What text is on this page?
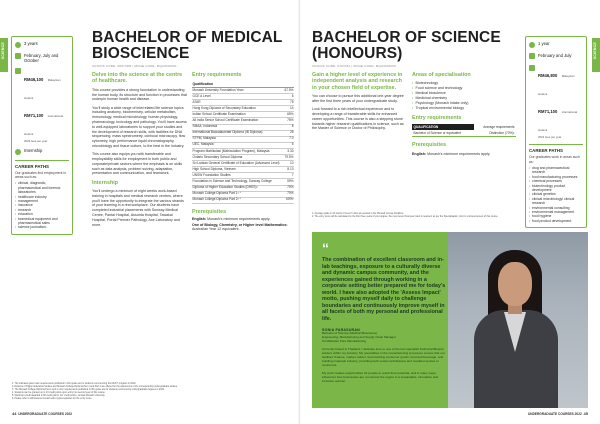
SCIENCE	3 years
February, July and October
RM46,100 Malaysian student
RM71,100 international student
2022 fees per year
Internship
CAREER PATHS
Our graduates find employment in areas such as:
• clinical, diagnostic, pharmaceutical and forensic laboratories
• healthcare industry
• management
• insurance
• research
• education
• biomedical equipment and pharmaceutical sales
• science journalism.
BACHELOR OF MEDICAL BIOSCIENCE
CRICOS CODE: 083749M | MOHE CODE: MQA/PA0001
Delve into the science at the centre of healthcare.

This course provides a strong foundation in understanding the human body, its structure and function in processes that underpin human health and disease.

You'll study a wide range of interrelated life science topics including anatomy, biochemistry, cellular metabolism, immunology, medical microbiology, human physiology, pharmacology, toxicology and pathology. You'll have access to well-equipped laboratories to support your studies and the development of research skills, with facilities for DNA sequencing, mass spectrometry, confocal microscopy, flow cytometry, high performance liquid chromatography, microbiology and tissue culture, to the best in the industry.

This course also equips you with transferable and employability skills for employment in both public and corporate/private sectors where the emphasis is on skills such as data analysis, problem solving, adaptation, presentation and communication, and teamwork.

Internship

You'll undergo a minimum of eight weeks work-based training in hospitals and medical research centres, where you'll have the opportunity to integrate the various strands of your learning in a real workplace. Our students have completed industrial placements with Sunway Medical Centre, Pantai Hospital, Assunta Hospital, Tawakal Hospital, Portal Premier Pathology, Axe Laboratory and more.

Entry requirements
Qualification	
Monash University Foundation Year¹	67.5%
GCE A Level	6
ATAR	75
Hong Kong Diploma of Secondary Education	14
Indian School Certificate Examination	65%
All India Senior School Certificate Examination	75%
SMAA, Indonesia	8
International Baccalaureate Diploma (IB Diploma)	25
STPM, Malaysia	7.0
UEC, Malaysia	5
Program Matrikulasi (Matriculation Program), Malaysia	3.33
Ontario Secondary School Diploma	79.5%
Sri Lankan General Certificate of Education (Advanced Level)	10
High School Diploma, Vietnam	8.13
UNSW Foundation Studies	7
Foundation in Science and Technology, Sunway College	59%
Diploma of Higher Education Studies (DHES)²	70%
Monash College Diploma Part 1³ ⁴	70%
Monash College Diploma Part 2³ ⁴	60%³
Prerequisites

English: Monash's minimum requirements apply.

One of Biology, Chemistry, or Higher level Mathematics: Australian Year 12 equivalent.

1. The indicated pass mark requirements published in this guide are for students commencing the MUFY program in 2022.
2. Diploma of Higher Education Studies and Monash College Diploma Part 1 and Part 2 are offered for the classrooms of the corresponding undergraduate studies.
3. The Monash College Diploma Part 1 and 2 entry requirements published in this guide are for students commencing undergraduate degrees in 2022.
4. Students can be granted up to 24 credit points upon entry into second year of this course.
5. Maximum credit awarded is 96 credit points. For credit points, contact Monash University.
6. Please refer to admissions.monash.edu.my/prerequisites for the entry score.
44 UNDERGRADUATE COURSES 2022
SCIENCE
BACHELOR OF SCIENCE (HONOURS)
CRICOS CODE: 012345J | MOHE CODE: MQA/PA0000
1 year
February and July
RM46,800 Malaysian student
RM71,100 international student
2022 fees per year
CAREER PATHS
Our graduates work in areas such as:
• drug and pharmaceutical research
• food manufacturing processes
• chemical processes
• biotechnology product development
• clinical genetics
• clinical microbiology/ clinical research
• environmental consulting
• environmental management
• food hygiene
• food product development.
Gain a higher level of experience in independent analysis and research in your chosen field of expertise.

You can choose to pursue this additional one-year degree after the first three years of your undergraduate study.

Look forward to a rich intellectual experience and to developing a range of transferable skills for enhanced career opportunities. This course is also a stepping stone towards higher research qualifications in science, such as the Master of Science or Doctor of Philosophy.

Areas of specialisation
• Biotechnology
• Food science and technology
• Medical bioscience
• Medicinal chemistry
• Psychology (Monash Intake only)
• Tropical environmental biology
Entry requirements
QUALIFICATION	Average requirements
Bachelor of Science or equivalent	Distinction (70%)¹
Prerequisites

English: Monash's minimum requirements apply.

1. Average grade in 24 points of Level 3 units as required in the Monash Course discipline.
2. The entry score will be calculated on the first three years of your degree; the most recent final year mark is required; as per the Specialisation, prior to commencement of this course.
“
The combination of excellent classroom and in-lab teachings, exposure to a culturally diverse and dynamic campus community, and the experiences gained through working in a corporate setting better prepared me for today's world. I have also adopted the 'Assess Impact' motto, pushing myself daily to challenge boundaries and continuously improve myself in all facets of both my personal and professional life.
SONIA PARASURAN
Bachelor of Science (Medical Bioscience)
Engineering, Manufacturing and Supply Chain Manager
Sri Maharani Pure Manufacturing
Currently based in Thailand, I dedicate time to one of the few specialist Technical Biotech leaders within my industry. My specialities in the manufacturing processes ensure that our facilities' finance, market, labour, food working consumer goods, food and beverage, and building materials industry, providing both social contributions and resultant service to customers.
My work creates opportunities for people to reach their potential, and in many ways, influences how businesses are run across the region in a sustainable, innovative and inclusive manner.
UNDERGRADUATE COURSES 2022 45
